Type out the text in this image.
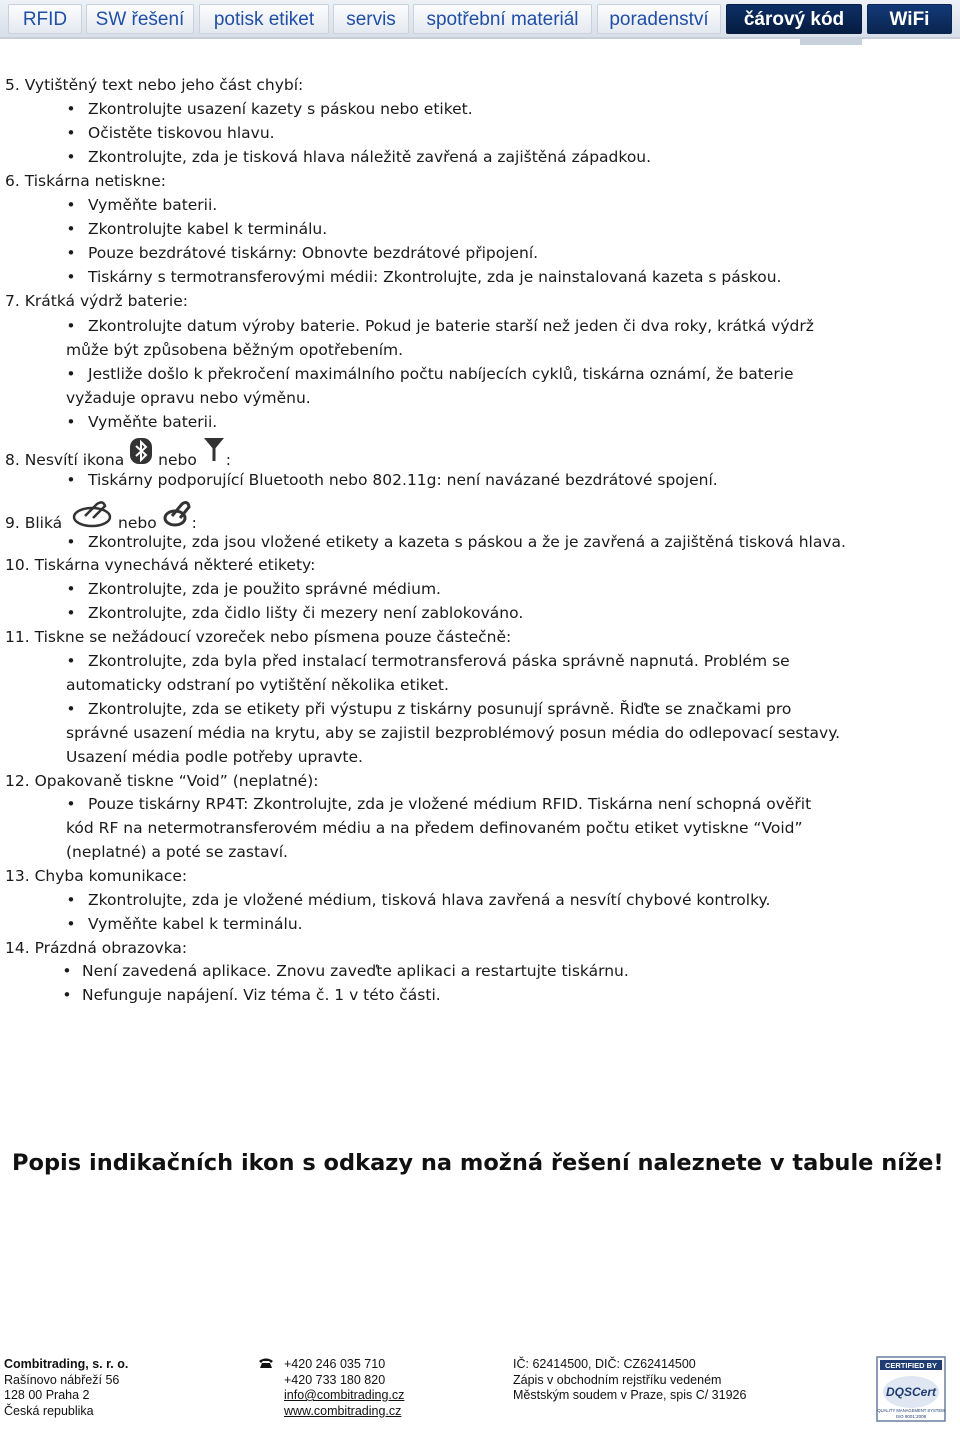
RFID	SW řešení	potisk etiket	servis	spotřební materiál	poradenství	čárový kód	WiFi
5. Vytištěný text nebo jeho část chybí:
• Zkontrolujte usazení kazety s páskou nebo etiket.
• Očistěte tiskovou hlavu.
• Zkontrolujte, zda je tisková hlava náležitě zavřená a zajištěná západkou.
6. Tiskárna netiskne:
• Vyměňte baterii.
• Zkontrolujte kabel k terminálu.
• Pouze bezdrátové tiskárny: Obnovte bezdrátové připojení.
• Tiskárny s termotransferovými médii: Zkontrolujte, zda je nainstalovaná kazeta s páskou.
7. Krátká výdrž baterie:
• Zkontrolujte datum výroby baterie. Pokud je baterie starší než jeden či dva roky, krátká výdrž
může být způsobena běžným opotřebením.
• Jestliže došlo k překročení maximálního počtu nabíjecích cyklů, tiskárna oznámí, že baterie
vyžaduje opravu nebo výměnu.
• Vyměňte baterii.
8. Nesvítí ikona nebo :
• Tiskárny podporující Bluetooth nebo 802.11g: není navázané bezdrátové spojení.
9. Bliká	nebo :
• Zkontrolujte, zda jsou vložené etikety a kazeta s páskou a že je zavřená a zajištěná tisková hlava.
10. Tiskárna vynechává některé etikety:
• Zkontrolujte, zda je použito správné médium.
• Zkontrolujte, zda čidlo lišty či mezery není zablokováno.
11. Tiskne se nežádoucí vzoreček nebo písmena pouze částečně:
• Zkontrolujte, zda byla před instalací termotransferová páska správně napnutá. Problém se
automaticky odstraní po vytištění několika etiket.
• Zkontrolujte, zda se etikety při výstupu z tiskárny posunují správně. Řiďte se značkami pro
správné usazení média na krytu, aby se zajistil bezproblémový posun média do odlepovací sestavy.
Usazení média podle potřeby upravte.
12. Opakovaně tiskne “Void” (neplatné):
• Pouze tiskárny RP4T: Zkontrolujte, zda je vložené médium RFID. Tiskárna není schopná ověřit
kód RF na netermotransferovém médiu a na předem definovaném počtu etiket vytiskne “Void”
(neplatné) a poté se zastaví.
13. Chyba komunikace:
• Zkontrolujte, zda je vložené médium, tisková hlava zavřená a nesvítí chybové kontrolky.
• Vyměňte kabel k terminálu.
14. Prázdná obrazovka:
• Není zavedená aplikace. Znovu zaveďte aplikaci a restartujte tiskárnu.
• Nefunguje napájení. Viz téma č. 1 v této části.
Popis indikačních ikon s odkazy na možná řešení naleznete v tabule níže!
Combitrading, s. r. o.
Rašínovo nábřeží 56
128 00 Praha 2
Česká republika
+420 246 035 710
+420 733 180 820
info@combitrading.cz
www.combitrading.cz
IČ: 62414500, DIČ: CZ62414500
Zápis v obchodním rejstříku vedeném
Městským soudem v Praze, spis C/ 31926
CERTIFIED BY
DQSCert
QUALITY MANAGEMENT SYSTEM
ISO 9001:2008
